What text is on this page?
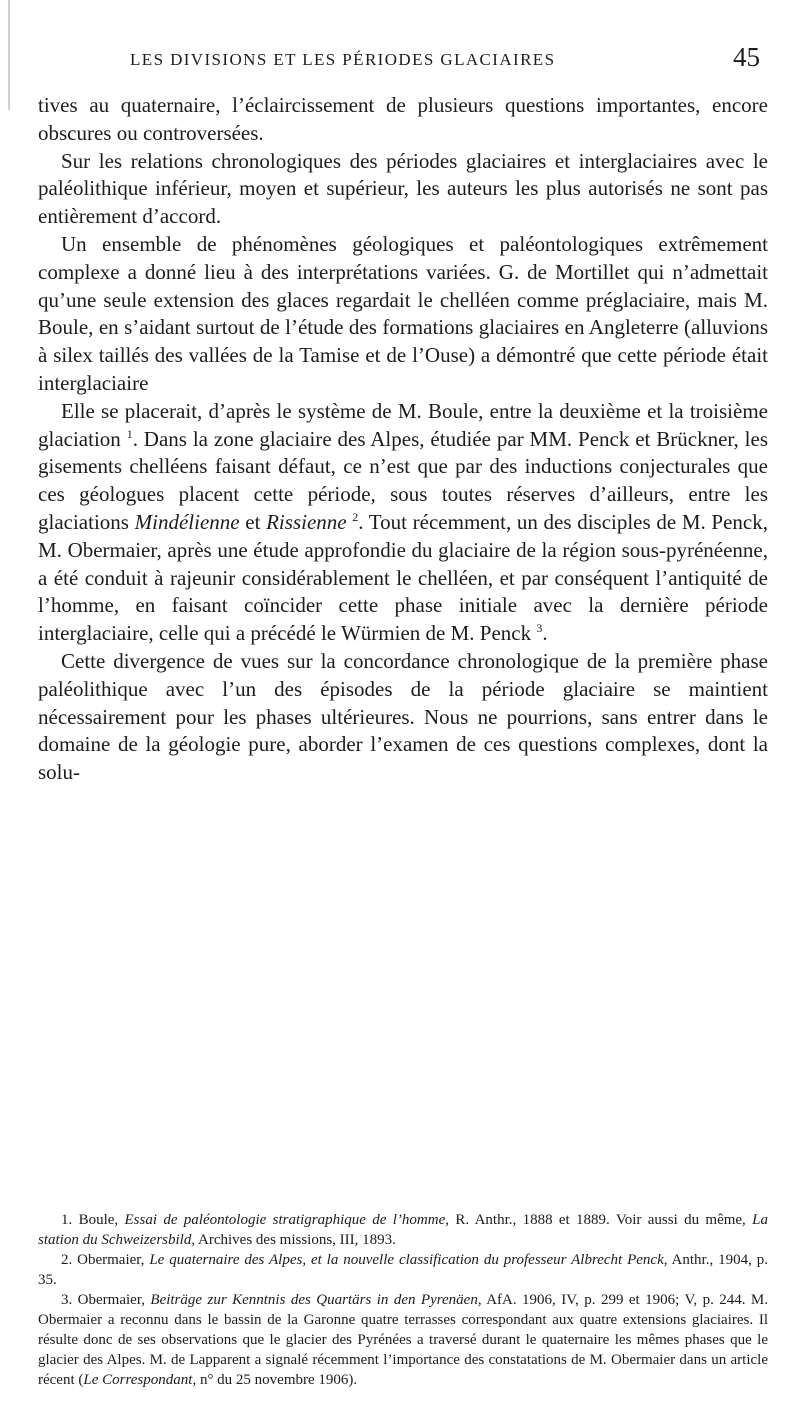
LES DIVISIONS ET LES PÉRIODES GLACIAIRES	45

tives au quaternaire, l’éclaircissement de plusieurs questions importantes, encore obscures ou controversées.

Sur les relations chronologiques des périodes glaciaires et interglaciaires avec le paléolithique inférieur, moyen et supérieur, les auteurs les plus autorisés ne sont pas entièrement d’accord.

Un ensemble de phénomènes géologiques et paléontologiques extrêmement complexe a donné lieu à des interprétations variées. G. de Mortillet qui n’admettait qu’une seule extension des glaces regardait le chelléen comme préglaciaire, mais M. Boule, en s’aidant surtout de l’étude des formations glaciaires en Angleterre (alluvions à silex taillés des vallées de la Tamise et de l’Ouse) a démontré que cette période était interglaciaire

Elle se placerait, d’après le système de M. Boule, entre la deuxième et la troisième glaciation $^1$. Dans la zone glaciaire des Alpes, étudiée par MM. Penck et Brückner, les gisements chelléens faisant défaut, ce n’est que par des inductions conjecturales que ces géologues placent cette période, sous toutes réserves d’ailleurs, entre les glaciations Mindélienne et Rissienne $^2$. Tout récemment, un des disciples de M. Penck, M. Obermaier, après une étude approfondie du glaciaire de la région sous-pyrénéenne, a été conduit à rajeunir considérablement le chelléen, et par conséquent l’antiquité de l’homme, en faisant coïncider cette phase initiale avec la dernière période interglaciaire, celle qui a précédé le Würmien de M. Penck $^3$.

Cette divergence de vues sur la concordance chronologique de la première phase paléolithique avec l’un des épisodes de la période glaciaire se maintient nécessairement pour les phases ultérieures. Nous ne pourrions, sans entrer dans le domaine de la géologie pure, aborder l’examen de ces questions complexes, dont la solu-

1. Boule, Essai de paléontologie stratigraphique de l’homme, R. Anthr., 1888 et 1889. Voir aussi du même, La station du Schweizersbild, Archives des missions, III, 1893.

2. Obermaier, Le quaternaire des Alpes, et la nouvelle classification du professeur Albrecht Penck, Anthr., 1904, p. 35.

3. Obermaier, Beiträge zur Kenntnis des Quartärs in den Pyrenäen, AfA. 1906, IV, p. 299 et 1906; V, p. 244. M. Obermaier a reconnu dans le bassin de la Garonne quatre terrasses correspondant aux quatre extensions glaciaires. Il résulte donc de ses observations que le glacier des Pyrénées a traversé durant le quaternaire les mêmes phases que le glacier des Alpes. M. de Lapparent a signalé récemment l’importance des constatations de M. Obermaier dans un article récent (Le Correspondant, n° du 25 novembre 1906).
